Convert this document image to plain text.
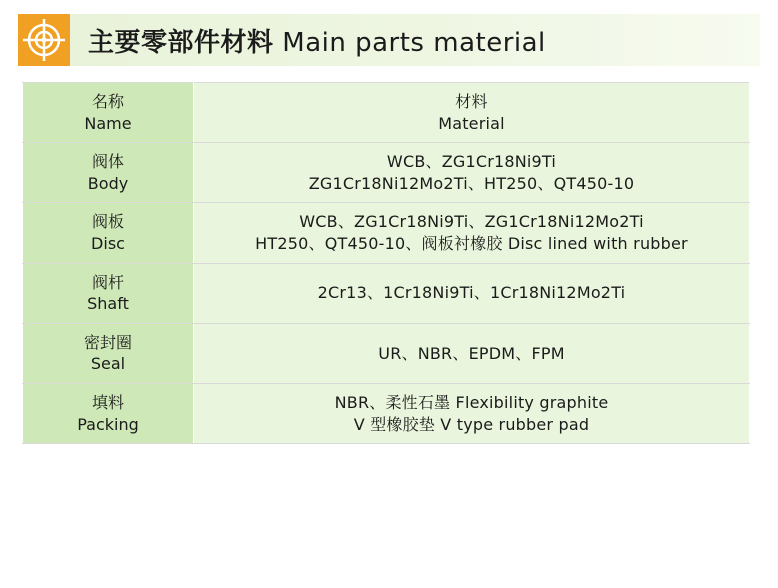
主要零部件材料 Main parts material
名称
Name	材料
Material

阀体
Body	WCB、ZG1Cr18Ni9Ti
ZG1Cr18Ni12Mo2Ti、HT250、QT450-10

阀板
Disc	WCB、ZG1Cr18Ni9Ti、ZG1Cr18Ni12Mo2Ti
HT250、QT450-10、阀板衬橡胶 Disc lined with rubber

阀杆
Shaft	2Cr13、1Cr18Ni9Ti、1Cr18Ni12Mo2Ti

密封圈
Seal	UR、NBR、EPDM、FPM

填料
Packing	NBR、柔性石墨 Flexibility graphite
V 型橡胶垫 V type rubber pad
